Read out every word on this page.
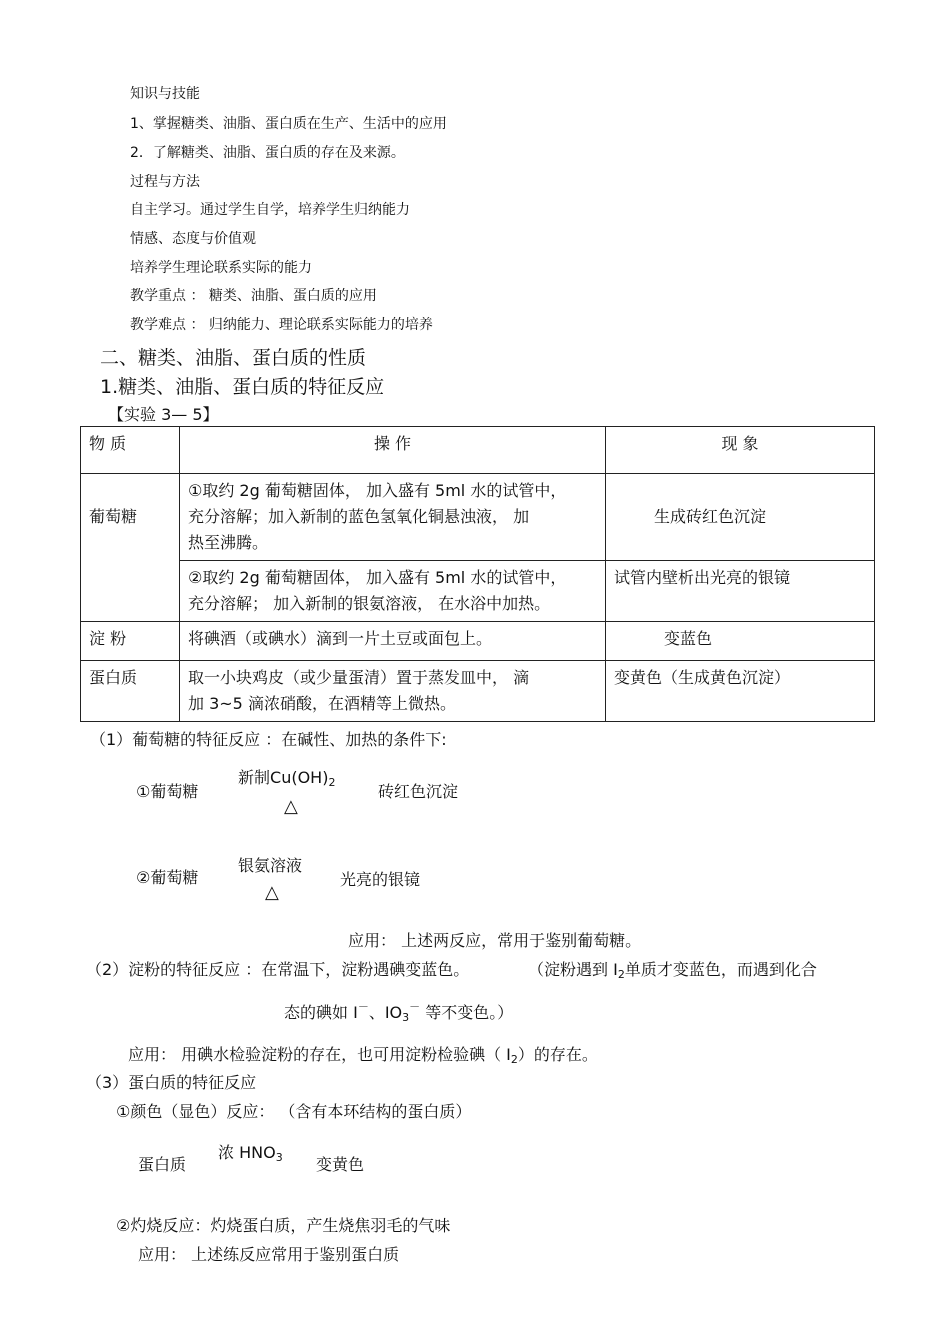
知识与技能
1、掌握糖类、油脂、蛋白质在生产、生活中的应用
2．了解糖类、油脂、蛋白质的存在及来源。
过程与方法
自主学习。通过学生自学，培养学生归纳能力
情感、态度与价值观
培养学生理论联系实际的能力
教学重点 ： 糖类、油脂、蛋白质的应用
教学难点 ： 归纳能力、理论联系实际能力的培养
二、糖类、油脂、蛋白质的性质
1.糖类、油脂、蛋白质的特征反应
【实验 3— 5】
物 质	操 作	现 象
葡萄糖	①取约 2g 葡萄糖固体， 加入盛有 5ml 水的试管中，
充分溶解；加入新制的蓝色氢氧化铜悬浊液， 加
热至沸腾。	生成砖红色沉淀

	②取约 2g 葡萄糖固体， 加入盛有 5ml 水的试管中，
充分溶解； 加入新制的银氨溶液， 在水浴中加热。	试管内壁析出光亮的银镜
淀 粉	将碘酒（或碘水）滴到一片土豆或面包上。	变蓝色
蛋白质	取一小块鸡皮（或少量蛋清）置于蒸发皿中， 滴
加 3~5 滴浓硝酸，在酒精等上微热。	变黄色（生成黄色沉淀）
（1）葡萄糖的特征反应 ：在碱性、加热的条件下:
①葡萄糖
新制$Cu(OH)_2$
△
砖红色沉淀
②葡萄糖
银氨溶液
△
光亮的银镜
应用： 上述两反应，常用于鉴别葡萄糖。
（2）淀粉的特征反应 ：在常温下，淀粉遇碘变蓝色。	（淀粉遇到 $I_2$单质才变蓝色，而遇到化合
态的碘如 I－、$IO_3^-$ 等不变色。）
应用： 用碘水检验淀粉的存在，也可用淀粉检验碘（ $I_2$）的存在。
（3）蛋白质的特征反应
①颜色（显色）反应： （含有本环结构的蛋白质）
蛋白质
浓 $HNO_3$ 变黄色
②灼烧反应：灼烧蛋白质，产生烧焦羽毛的气味
应用： 上述练反应常用于鉴别蛋白质
